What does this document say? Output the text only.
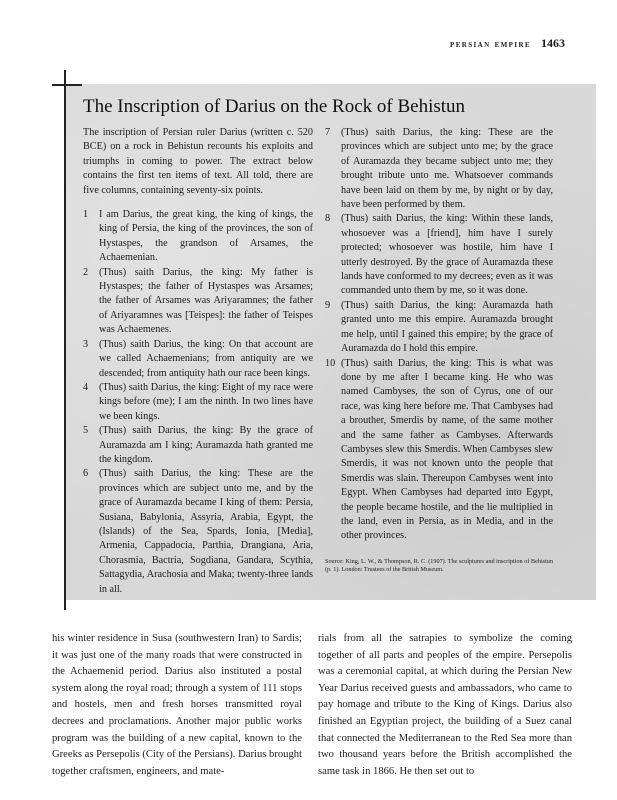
persian empire 1463
The Inscription of Darius on the Rock of Behistun

The inscription of Persian ruler Darius (written c. 520 BCE) on a rock in Behistun recounts his exploits and triumphs in coming to power. The extract below contains the first ten items of text. All told, there are five columns, containing seventy-six points.

1	I am Darius, the great king, the king of kings, the king of Persia, the king of the provinces, the son of Hystaspes, the grandson of Arsames, the Achaemenian.
2	(Thus) saith Darius, the king: My father is Hystaspes; the father of Hystaspes was Arsames; the father of Arsames was Ariyaramnes; the father of Ariyaramnes was [Teispes]: the father of Teispes was Achaemenes.
3	(Thus) saith Darius, the king: On that account are we called Achaemenians; from antiquity are we descended; from antiquity hath our race been kings.
4	(Thus) saith Darius, the king: Eight of my race were kings before (me); I am the ninth. In two lines have we been kings.
5	(Thus) saith Darius, the king: By the grace of Auramazda am I king; Auramazda hath granted me the kingdom.
6	(Thus) saith Darius, the king: These are the provinces which are subject unto me, and by the grace of Auramazda became I king of them: Persia, Susiana, Babylonia, Assyria, Arabia, Egypt, the (Islands) of the Sea, Spards, Ionia, [Media], Armenia, Cappadocia, Parthia, Drangiana, Aria, Chorasmia, Bactria, Sogdiana, Gandara, Scythia, Sattagydia, Arachosia and Maka; twenty-three lands in all.
7	(Thus) saith Darius, the king: These are the provinces which are subject unto me; by the grace of Auramazda they became subject unto me; they brought tribute unto me. Whatsoever commands have been laid on them by me, by night or by day, have been performed by them.
8	(Thus) saith Darius, the king: Within these lands, whosoever was a [friend], him have I surely protected; whosoever was hostile, him have I utterly destroyed. By the grace of Auramazda these lands have conformed to my decrees; even as it was commanded unto them by me, so it was done.
9	(Thus) saith Darius, the king: Auramazda hath granted unto me this empire. Auramazda brought me help, until I gained this empire; by the grace of Auramazda do I hold this empire.
10 (Thus) saith Darius, the king: This is what was done by me after I became king. He who was named Cambyses, the son of Cyrus, one of our race, was king here before me. That Cambyses had a brouther, Smerdis by name, of the same mother and the same father as Cambyses. Afterwards Cambyses slew this Smerdis. When Cambyses slew Smerdis, it was not known unto the people that Smerdis was slain. Thereupon Cambyses went into Egypt. When Cambyses had departed into Egypt, the people became hostile, and the lie multiplied in the land, even in Persia, as in Media, and in the other provinces.

Source: King, L. W., & Thompson, R. C. (1907). The sculptures and inscription of Behistun (p. 1). London: Trustees of the British Museum.

his winter residence in Susa (southwestern Iran) to Sardis; it was just one of the many roads that were constructed in the Achaemenid period. Darius also instituted a postal system along the royal road; through a system of 111 stops and hostels, men and fresh horses transmitted royal decrees and proclamations. Another major public works program was the building of a new capital, known to the Greeks as Persepolis (City of the Persians). Darius brought together craftsmen, engineers, and mate-

rials from all the satrapies to symbolize the coming together of all parts and peoples of the empire. Persepolis was a ceremonial capital, at which during the Persian New Year Darius received guests and ambassadors, who came to pay homage and tribute to the King of Kings. Darius also finished an Egyptian project, the building of a Suez canal that connected the Mediterranean to the Red Sea more than two thousand years before the British accomplished the same task in 1866. He then set out to
